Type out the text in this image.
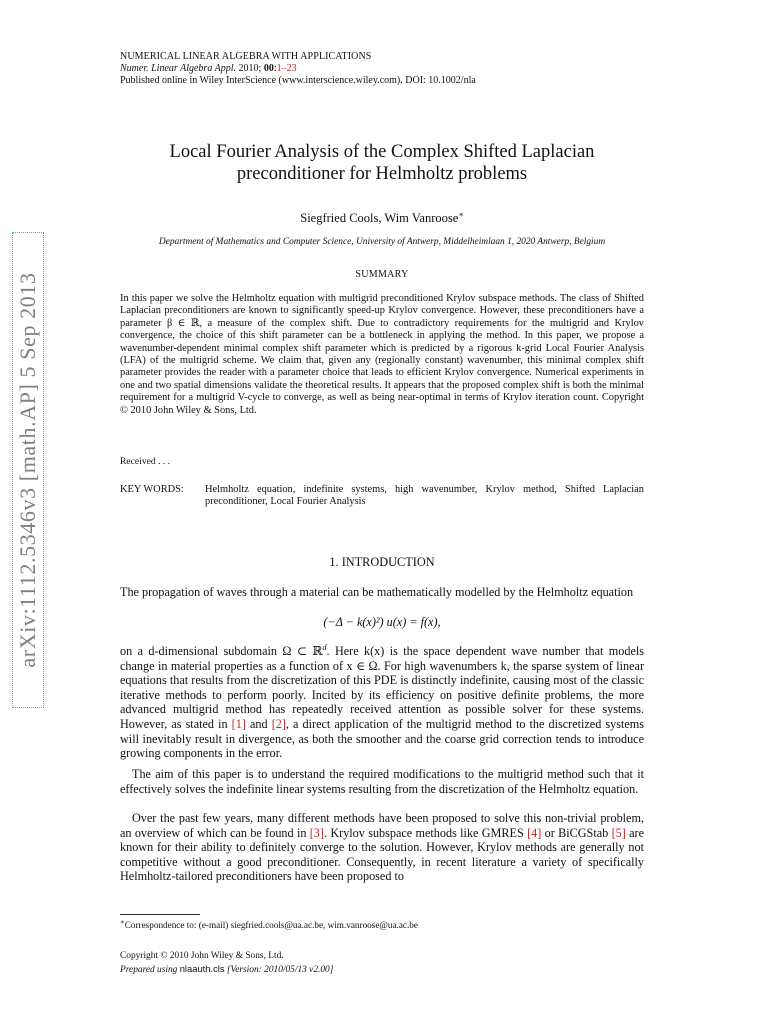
arXiv:1112.5346v3 [math.AP] 5 Sep 2013
NUMERICAL LINEAR ALGEBRA WITH APPLICATIONS
Numer. Linear Algebra Appl. 2010; 00:1–23
Published online in Wiley InterScience (www.interscience.wiley.com). DOI: 10.1002/nla
Local Fourier Analysis of the Complex Shifted Laplacian
preconditioner for Helmholtz problems
Siegfried Cools, Wim Vanroose∗
Department of Mathematics and Computer Science, University of Antwerp, Middelheimlaan 1, 2020 Antwerp, Belgium
SUMMARY
In this paper we solve the Helmholtz equation with multigrid preconditioned Krylov subspace methods. The class of Shifted Laplacian preconditioners are known to significantly speed-up Krylov convergence. However, these preconditioners have a parameter β ∈ ℝ, a measure of the complex shift. Due to contradictory requirements for the multigrid and Krylov convergence, the choice of this shift parameter can be a bottleneck in applying the method. In this paper, we propose a wavenumber-dependent minimal complex shift parameter which is predicted by a rigorous k-grid Local Fourier Analysis (LFA) of the multigrid scheme. We claim that, given any (regionally constant) wavenumber, this minimal complex shift parameter provides the reader with a parameter choice that leads to efficient Krylov convergence. Numerical experiments in one and two spatial dimensions validate the theoretical results. It appears that the proposed complex shift is both the minimal requirement for a multigrid V-cycle to converge, as well as being near-optimal in terms of Krylov iteration count. Copyright © 2010 John Wiley & Sons, Ltd.
Received . . .
KEY WORDS: Helmholtz equation, indefinite systems, high wavenumber, Krylov method, Shifted Laplacian preconditioner, Local Fourier Analysis
1. INTRODUCTION
The propagation of waves through a material can be mathematically modelled by the Helmholtz equation
(−Δ − k(x)²) u(x) = f(x),
on a d-dimensional subdomain Ω ⊂ ℝ$^d$. Here k(x) is the space dependent wave number that models change in material properties as a function of x ∈ Ω. For high wavenumbers k, the sparse system of linear equations that results from the discretization of this PDE is distinctly indefinite, causing most of the classic iterative methods to perform poorly. Incited by its efficiency on positive definite problems, the more advanced multigrid method has repeatedly received attention as possible solver for these systems. However, as stated in [1] and [2], a direct application of the multigrid method to the discretized systems will inevitably result in divergence, as both the smoother and the coarse grid correction tends to introduce growing components in the error.
The aim of this paper is to understand the required modifications to the multigrid method such that it effectively solves the indefinite linear systems resulting from the discretization of the Helmholtz equation.
Over the past few years, many different methods have been proposed to solve this non-trivial problem, an overview of which can be found in [3]. Krylov subspace methods like GMRES [4] or BiCGStab [5] are known for their ability to definitely converge to the solution. However, Krylov methods are generally not competitive without a good preconditioner. Consequently, in recent literature a variety of specifically Helmholtz-tailored preconditioners have been proposed to
∗Correspondence to: (e-mail) siegfried.cools@ua.ac.be, wim.vanroose@ua.ac.be
Copyright © 2010 John Wiley & Sons, Ltd.
Prepared using nlaauth.cls [Version: 2010/05/13 v2.00]
